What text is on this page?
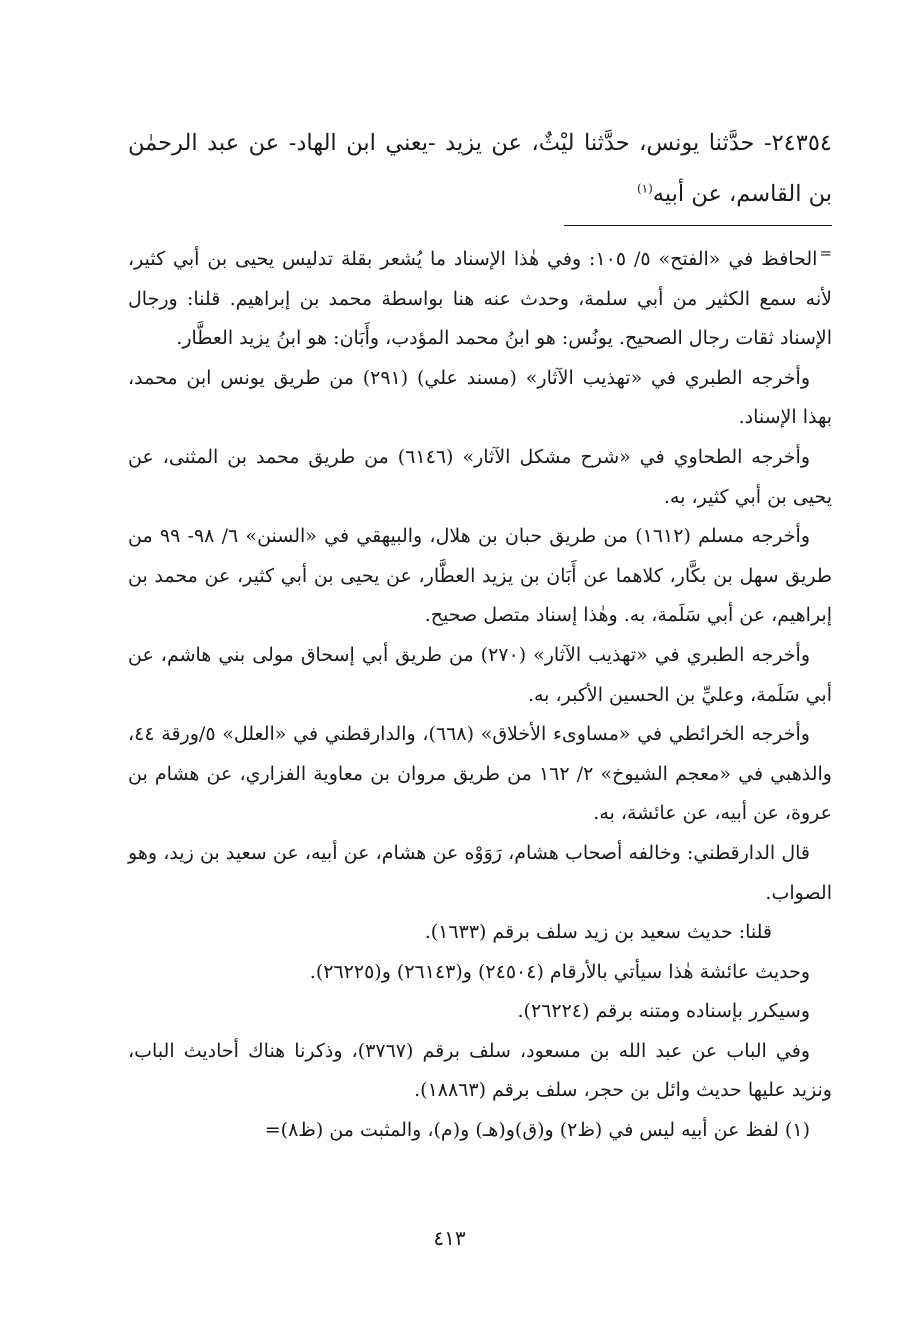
٢٤٣٥٤- حدَّثنا يونس، حدَّثنا ليْثٌ، عن يزيد -يعني ابن الهاد- عن عبد الرحمٰن بن القاسم، عن أبيه$^{(١)}$

=الحافظ في «الفتح» ٥/ ١٠٥: وفي هٰذا الإسناد ما يُشعر بقلة تدليس يحيى بن أبي كثير، لأنه سمع الكثير من أبي سلمة، وحدث عنه هنا بواسطة محمد بن إبراهيم. قلنا: ورجال الإسناد ثقات رجال الصحيح. يونُس: هو ابنُ محمد المؤدب، وأَبَان: هو ابنُ يزيد العطَّار.

وأخرجه الطبري في «تهذيب الآثار» (مسند علي) (٢٩١) من طريق يونس ابن محمد، بهذا الإسناد.

وأخرجه الطحاوي في «شرح مشكل الآثار» (٦١٤٦) من طريق محمد بن المثنى، عن يحيى بن أبي كثير، به.

وأخرجه مسلم (١٦١٢) من طريق حبان بن هلال، والبيهقي في «السنن» ٦/ ٩٨- ٩٩ من طريق سهل بن بكَّار، كلاهما عن أَبَان بن يزيد العطَّار، عن يحيى بن أبي كثير، عن محمد بن إبراهيم، عن أبي سَلَمة، به. وهٰذا إسناد متصل صحيح.

وأخرجه الطبري في «تهذيب الآثار» (٢٧٠) من طريق أبي إسحاق مولى بني هاشم، عن أبي سَلَمة، وعليِّ بن الحسين الأكبر، به.

وأخرجه الخرائطي في «مساوىء الأخلاق» (٦٦٨)، والدارقطني في «العلل» ٥/ورقة ٤٤، والذهبي في «معجم الشيوخ» ٢/ ١٦٢ من طريق مروان بن معاوية الفزاري، عن هشام بن عروة، عن أبيه، عن عائشة، به.

قال الدارقطني: وخالفه أصحاب هشام، رَوَوْه عن هشام، عن أبيه، عن سعيد بن زيد، وهو الصواب.

قلنا: حديث سعيد بن زيد سلف برقم (١٦٣٣).

وحديث عائشة هٰذا سيأتي بالأرقام (٢٤٥٠٤) و(٢٦١٤٣) و(٢٦٢٢٥).

وسيكرر بإسناده ومتنه برقم (٢٦٢٢٤).

وفي الباب عن عبد الله بن مسعود، سلف برقم (٣٧٦٧)، وذكرنا هناك أحاديث الباب، ونزيد عليها حديث وائل بن حجر، سلف برقم (١٨٨٦٣).

(١) لفظ عن أبيه ليس في (ظ٢) و(ق)و(هـ) و(م)، والمثبت من (ظ٨)=

٤١٣
